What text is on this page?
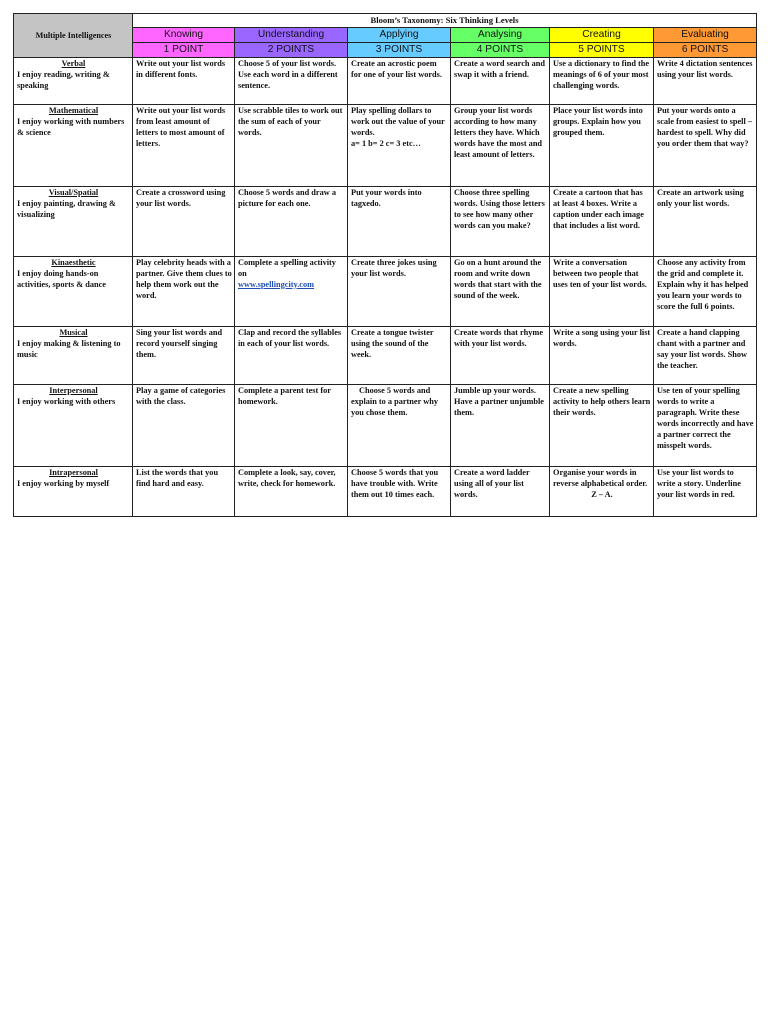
Multiple Intelligences	Bloom’s Taxonomy: Six Thinking Levels					
	Knowing	Understanding	Applying	Analysing	Creating	Evaluating
	1 POINT	2 POINTS	3 POINTS	4 POINTS	5 POINTS	6 POINTS

Verbal
I enjoy reading, writing & speaking	Write out your list words in different fonts.	Choose 5 of your list words. Use each word in a different sentence.	Create an acrostic poem for one of your list words.	Create a word search and swap it with a friend.	Use a dictionary to find the meanings of 6 of your most challenging words.	Write 4 dictation sentences using your list words.

Mathematical
I enjoy working with numbers & science	Write out your list words from least amount of letters to most amount of letters.	Use scrabble tiles to work out the sum of each of your words.	Play spelling dollars to work out the value of your words.
a= 1 b= 2 c= 3 etc…	Group your list words according to how many letters they have. Which words have the most and least amount of letters.	Place your list words into groups. Explain how you grouped them.	Put your words onto a scale from easiest to spell – hardest to spell. Why did you order them that way?

Visual/Spatial
I enjoy painting, drawing & visualizing	Create a crossword using your list words.	Choose 5 words and draw a picture for each one.	Put your words into tagxedo.	Choose three spelling words. Using those letters to see how many other words can you make?	Create a cartoon that has at least 4 boxes. Write a caption under each image that includes a list word.	Create an artwork using only your list words.

Kinaesthetic
I enjoy doing hands-on activities, sports & dance	Play celebrity heads with a partner. Give them clues to help them work out the word.	Complete a spelling activity on
www.spellingcity.com	Create three jokes using your list words.	Go on a hunt around the room and write down words that start with the sound of the week.	Write a conversation between two people that uses ten of your list words.	Choose any activity from the grid and complete it. Explain why it has helped you learn your words to score the full 6 points.

Musical
I enjoy making & listening to music	Sing your list words and record yourself singing them.	Clap and record the syllables in each of your list words.	Create a tongue twister using the sound of the week.	Create words that rhyme with your list words.	Write a song using your list words.	Create a hand clapping chant with a partner and say your list words. Show the teacher.

Interpersonal
I enjoy working with others	Play a game of categories with the class.	Complete a parent test for homework.	Choose 5 words and explain to a partner why you chose them.	Jumble up your words. Have a partner unjumble them.	Create a new spelling activity to help others learn their words.	Use ten of your spelling words to write a paragraph. Write these words incorrectly and have a partner correct the misspelt words.

Intrapersonal
I enjoy working by myself	List the words that you find hard and easy.	Complete a look, say, cover, write, check for homework.	Choose 5 words that you have trouble with. Write them out 10 times each.	Create a word ladder using all of your list words.	Organise your words in reverse alphabetical order.
Z – A.	Use your list words to write a story. Underline your list words in red.
